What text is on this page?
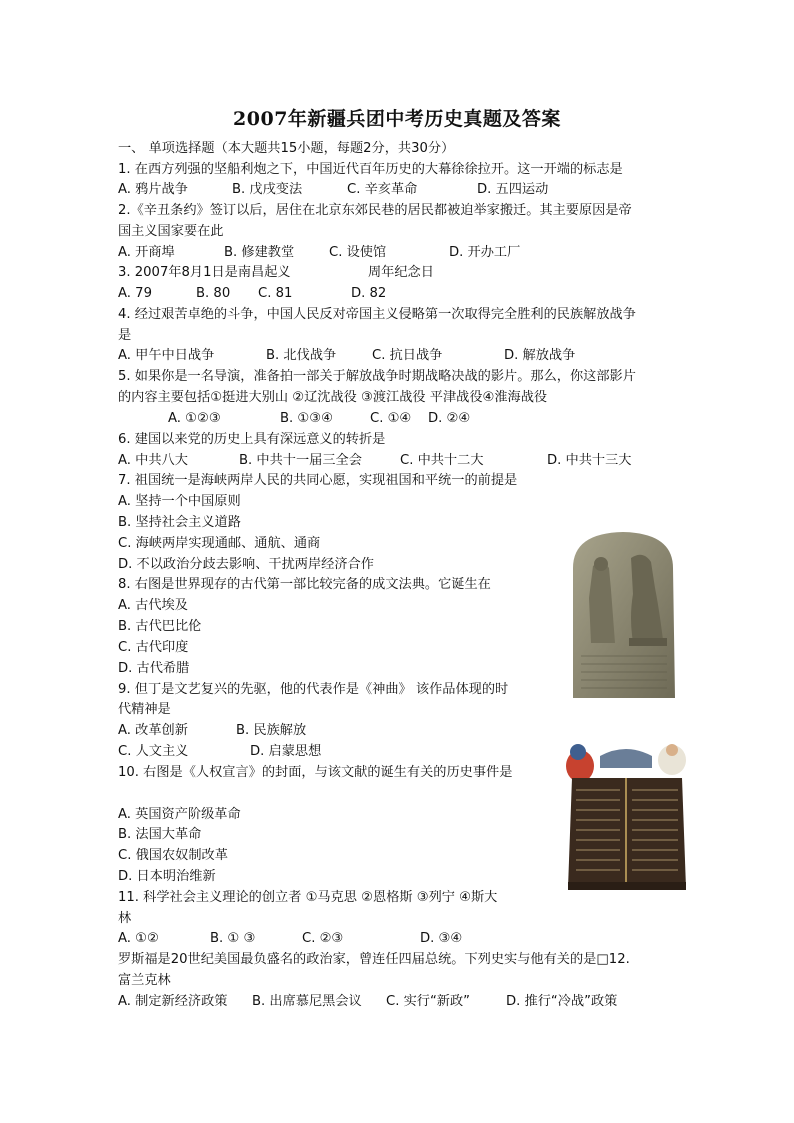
2007年新疆兵团中考历史真题及答案
一、 单项选择题（本大题共15小题，每题2分，共30分）
1. 在西方列强的坚船利炮之下，中国近代百年历史的大幕徐徐拉开。这一开端的标志是
A. 鸦片战争	B. 戊戌变法	C. 辛亥革命	D. 五四运动
2.《辛丑条约》签订以后，居住在北京东郊民巷的居民都被迫举家搬迁。其主要原因是帝
国主义国家要在此
A. 开商埠	B. 修建教堂	C. 设使馆	D. 开办工厂
3. 2007年8月1日是南昌起义	周年纪念日
A. 79	B. 80 C. 81	D. 82
4. 经过艰苦卓绝的斗争，中国人民反对帝国主义侵略第一次取得完全胜利的民族解放战争
是
A. 甲午中日战争	B. 北伐战争	C. 抗日战争	D. 解放战争
5. 如果你是一名导演，准备拍一部关于解放战争时期战略决战的影片。那么，你这部影片
的内容主要包括①挺进大别山 ②辽沈战役 ③渡江战役 平津战役④淮海战役
A. ①②③	B. ①③④	C. ①④ D. ②④
6. 建国以来党的历史上具有深远意义的转折是
A. 中共八大	B. 中共十一届三全会	C. 中共十二大	D. 中共十三大
7. 祖国统一是海峡两岸人民的共同心愿，实现祖国和平统一的前提是
A. 坚持一个中国原则
B. 坚持社会主义道路
C. 海峡两岸实现通邮、通航、通商
D. 不以政治分歧去影响、干扰两岸经济合作
8. 右图是世界现存的古代第一部比较完备的成文法典。它诞生在
A. 古代埃及
B. 古代巴比伦
C. 古代印度
D. 古代希腊
9. 但丁是文艺复兴的先驱，他的代表作是《神曲》 该作品体现的时
代精神是
A. 改革创新	B. 民族解放
C. 人文主义	D. 启蒙思想
10. 右图是《人权宣言》的封面，与该文献的诞生有关的历史事件是
A. 英国资产阶级革命
B. 法国大革命
C. 俄国农奴制改革
D. 日本明治维新
11. 科学社会主义理论的创立者 ①马克思 ②恩格斯 ③列宁 ④斯大
林
A. ①②	B. ① ③	C. ②③	D. ③④
罗斯福是20世纪美国最负盛名的政治家，曾连任四届总统。下列史实与他有关的是□12.
富兰克林
A. 制定新经济政策 B. 出席慕尼黑会议 C. 实行“新政”	D. 推行“冷战”政策
